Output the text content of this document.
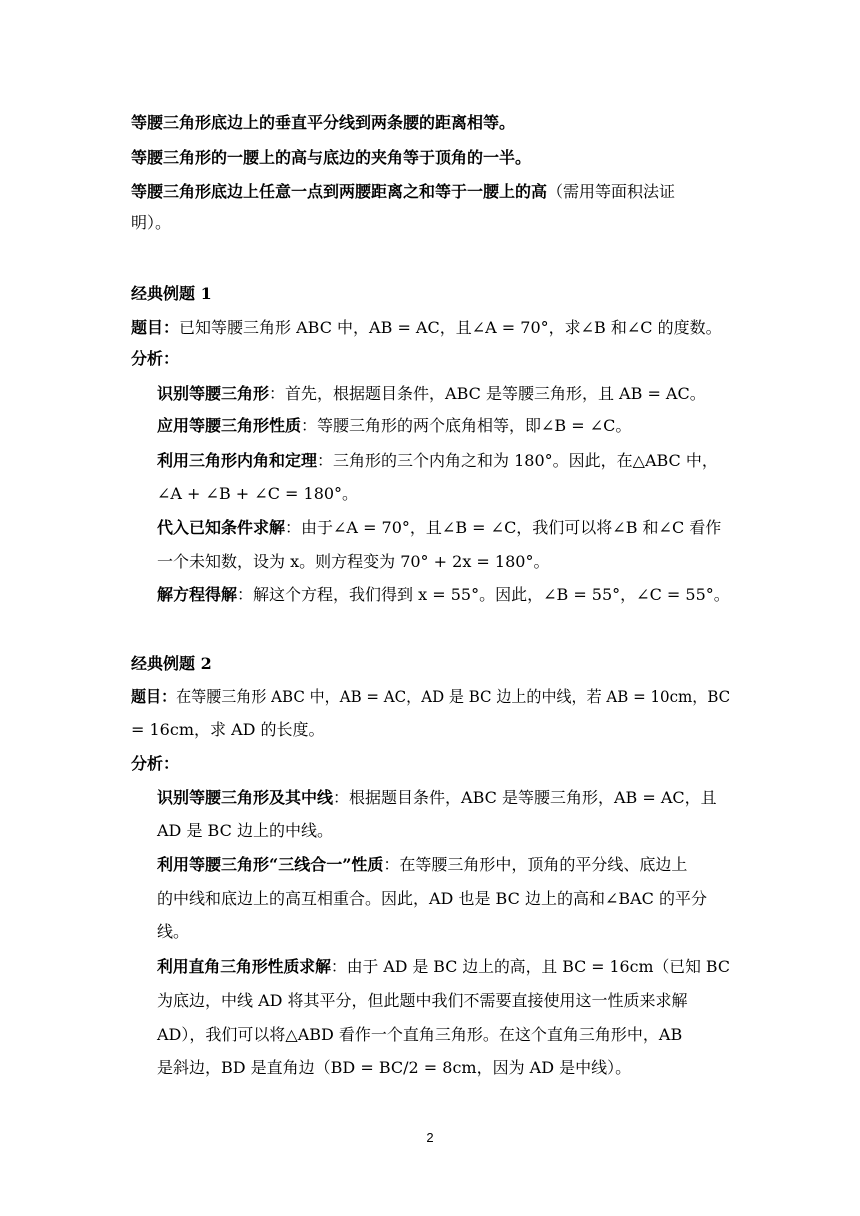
等腰三角形底边上的垂直平分线到两条腰的距离相等。

等腰三角形的一腰上的高与底边的夹角等于顶角的一半。

等腰三角形底边上任意一点到两腰距离之和等于一腰上的高（需用等面积法证

明）。

经典例题 1

题目：已知等腰三角形 ABC 中，AB = AC，且∠A = 70°，求∠B 和∠C 的度数。

分析：

识别等腰三角形：首先，根据题目条件，ABC 是等腰三角形，且 AB = AC。

应用等腰三角形性质：等腰三角形的两个底角相等，即∠B = ∠C。

利用三角形内角和定理：三角形的三个内角之和为 180°。因此，在△ABC 中，

∠A + ∠B + ∠C = 180°。

代入已知条件求解：由于∠A = 70°，且∠B = ∠C，我们可以将∠B 和∠C 看作

一个未知数，设为 x。则方程变为 70° + 2x = 180°。

解方程得解：解这个方程，我们得到 x = 55°。因此，∠B = 55°，∠C = 55°。

经典例题 2

题目：在等腰三角形 ABC 中，AB = AC，AD 是 BC 边上的中线，若 AB = 10cm，BC

= 16cm，求 AD 的长度。

分析：

识别等腰三角形及其中线：根据题目条件，ABC 是等腰三角形，AB = AC，且

AD 是 BC 边上的中线。

利用等腰三角形“三线合一”性质：在等腰三角形中，顶角的平分线、底边上

的中线和底边上的高互相重合。因此，AD 也是 BC 边上的高和∠BAC 的平分

线。

利用直角三角形性质求解：由于 AD 是 BC 边上的高，且 BC = 16cm（已知 BC

为底边，中线 AD 将其平分，但此题中我们不需要直接使用这一性质来求解

AD），我们可以将△ABD 看作一个直角三角形。在这个直角三角形中，AB

是斜边，BD 是直角边（BD = BC/2 = 8cm，因为 AD 是中线）。

2
